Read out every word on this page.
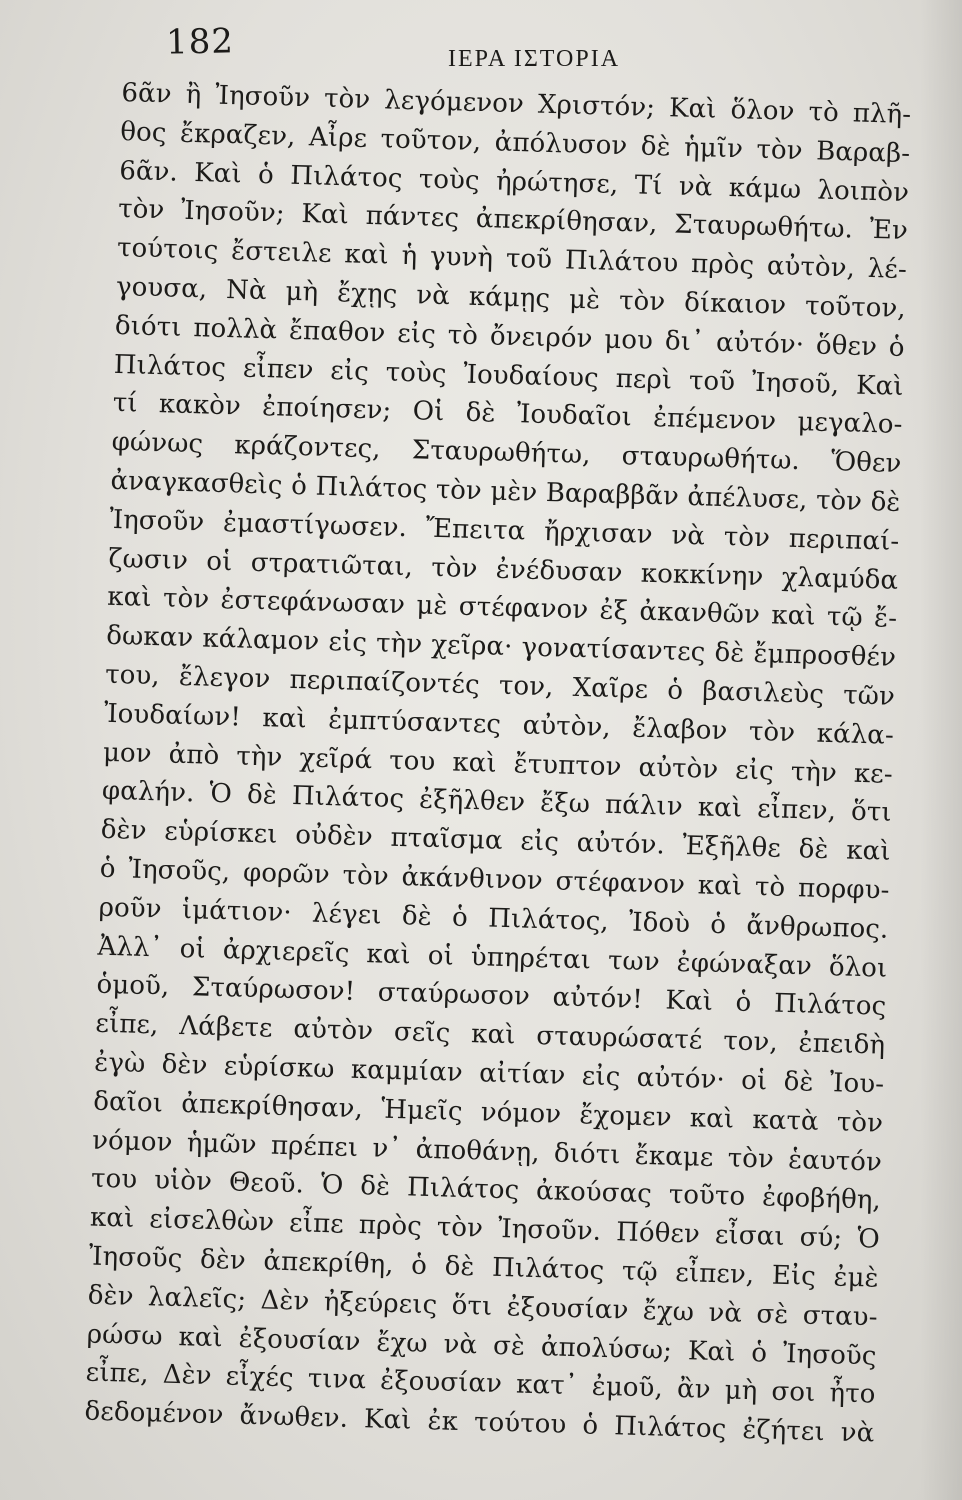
182	ΙΕΡΑ ΙΣΤΟΡΙΑ
6ᾶν ἢ Ἰησοῦν τὸν λεγόμενον Χριστόν; Καὶ ὅλον τὸ πλῆ-
θος ἔκραζεν, Αἶρε τοῦτον, ἀπόλυσον δὲ ἡμῖν τὸν Βαραβ-
6ᾶν. Καὶ ὁ Πιλάτος τοὺς ἠρώτησε, Τί νὰ κάμω λοιπὸν
τὸν Ἰησοῦν; Καὶ πάντες ἀπεκρίθησαν, Σταυρωθήτω. Ἐν
τούτοις ἔστειλε καὶ ἡ γυνὴ τοῦ Πιλάτου πρὸς αὐτὸν, λέ-
γουσα, Νὰ μὴ ἔχῃς νὰ κάμῃς μὲ τὸν δίκαιον τοῦτον,
διότι πολλὰ ἔπαθον εἰς τὸ ὄνειρόν μου δι᾿ αὐτόν· ὅθεν ὁ
Πιλάτος εἶπεν εἰς τοὺς Ἰουδαίους περὶ τοῦ Ἰησοῦ, Καὶ
τί κακὸν ἐποίησεν; Οἱ δὲ Ἰουδαῖοι ἐπέμενον μεγαλο-
φώνως κράζοντες, Σταυρωθήτω, σταυρωθήτω. Ὅθεν
ἀναγκασθεὶς ὁ Πιλάτος τὸν μὲν Βαραββᾶν ἀπέλυσε, τὸν δὲ
Ἰησοῦν ἐμαστίγωσεν. Ἔπειτα ἤρχισαν νὰ τὸν περιπαί-
ζωσιν οἱ στρατιῶται, τὸν ἐνέδυσαν κοκκίνην χλαμύδα
καὶ τὸν ἐστεφάνωσαν μὲ στέφανον ἐξ ἀκανθῶν καὶ τῷ ἔ-
δωκαν κάλαμον εἰς τὴν χεῖρα· γονατίσαντες δὲ ἔμπροσθέν
του, ἔλεγον περιπαίζοντές τον, Χαῖρε ὁ βασιλεὺς τῶν
Ἰουδαίων! καὶ ἐμπτύσαντες αὐτὸν, ἔλαβον τὸν κάλα-
μον ἀπὸ τὴν χεῖρά του καὶ ἔτυπτον αὐτὸν εἰς τὴν κε-
φαλήν. Ὁ δὲ Πιλάτος ἐξῆλθεν ἔξω πάλιν καὶ εἶπεν, ὅτι
δὲν εὑρίσκει οὐδὲν πταῖσμα εἰς αὐτόν. Ἐξῆλθε δὲ καὶ
ὁ Ἰησοῦς, φορῶν τὸν ἀκάνθινον στέφανον καὶ τὸ πορφυ-
ροῦν ἱμάτιον· λέγει δὲ ὁ Πιλάτος, Ἰδοὺ ὁ ἄνθρωπος.
Ἀλλ᾿ οἱ ἀρχιερεῖς καὶ οἱ ὑπηρέται των ἐφώναξαν ὅλοι
ὁμοῦ, Σταύρωσον! σταύρωσον αὐτόν! Καὶ ὁ Πιλάτος
εἶπε, Λάβετε αὐτὸν σεῖς καὶ σταυρώσατέ τον, ἐπειδὴ
ἐγὼ δὲν εὑρίσκω καμμίαν αἰτίαν εἰς αὐτόν· οἱ δὲ Ἰου-
δαῖοι ἀπεκρίθησαν, Ἡμεῖς νόμον ἔχομεν καὶ κατὰ τὸν
νόμον ἡμῶν πρέπει ν᾿ ἀποθάνῃ, διότι ἔκαμε τὸν ἑαυτόν
του υἱὸν Θεοῦ. Ὁ δὲ Πιλάτος ἀκούσας τοῦτο ἐφοβήθη,
καὶ εἰσελθὼν εἶπε πρὸς τὸν Ἰησοῦν. Πόθεν εἶσαι σύ; Ὁ
Ἰησοῦς δὲν ἀπεκρίθη, ὁ δὲ Πιλάτος τῷ εἶπεν, Εἰς ἐμὲ
δὲν λαλεῖς; Δὲν ἠξεύρεις ὅτι ἐξουσίαν ἔχω νὰ σὲ σταυ-
ρώσω καὶ ἐξουσίαν ἔχω νὰ σὲ ἀπολύσω; Καὶ ὁ Ἰησοῦς
εἶπε, Δὲν εἶχές τινα ἐξουσίαν κατ᾿ ἐμοῦ, ἂν μὴ σοι ἦτο
δεδομένον ἄνωθεν. Καὶ ἐκ τούτου ὁ Πιλάτος ἐζήτει νὰ
